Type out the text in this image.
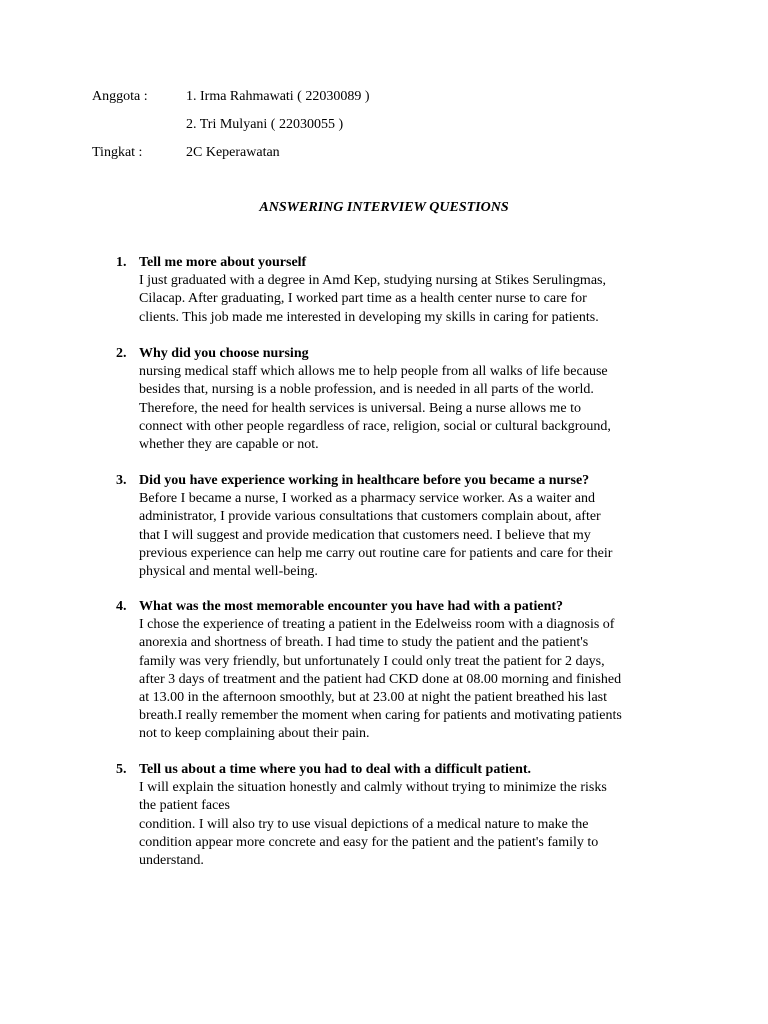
Anggota :	1. Irma Rahmawati ( 22030089 )
2. Tri Mulyani ( 22030055 )
Tingkat :	2C Keperawatan
ANSWERING INTERVIEW QUESTIONS
1. Tell me more about yourself
I just graduated with a degree in Amd Kep, studying nursing at Stikes Serulingmas,
Cilacap. After graduating, I worked part time as a health center nurse to care for
clients. This job made me interested in developing my skills in caring for patients.
2. Why did you choose nursing
nursing medical staff which allows me to help people from all walks of life because
besides that, nursing is a noble profession, and is needed in all parts of the world.
Therefore, the need for health services is universal. Being a nurse allows me to
connect with other people regardless of race, religion, social or cultural background,
whether they are capable or not.
3. Did you have experience working in healthcare before you became a nurse?
Before I became a nurse, I worked as a pharmacy service worker. As a waiter and
administrator, I provide various consultations that customers complain about, after
that I will suggest and provide medication that customers need. I believe that my
previous experience can help me carry out routine care for patients and care for their
physical and mental well-being.
4. What was the most memorable encounter you have had with a patient?
I chose the experience of treating a patient in the Edelweiss room with a diagnosis of
anorexia and shortness of breath. I had time to study the patient and the patient's
family was very friendly, but unfortunately I could only treat the patient for 2 days,
after 3 days of treatment and the patient had CKD done at 08.00 morning and finished
at 13.00 in the afternoon smoothly, but at 23.00 at night the patient breathed his last
breath.I really remember the moment when caring for patients and motivating patients
not to keep complaining about their pain.
5. Tell us about a time where you had to deal with a difficult patient.
I will explain the situation honestly and calmly without trying to minimize the risks
the patient faces
condition. I will also try to use visual depictions of a medical nature to make the
condition appear more concrete and easy for the patient and the patient's family to
understand.
